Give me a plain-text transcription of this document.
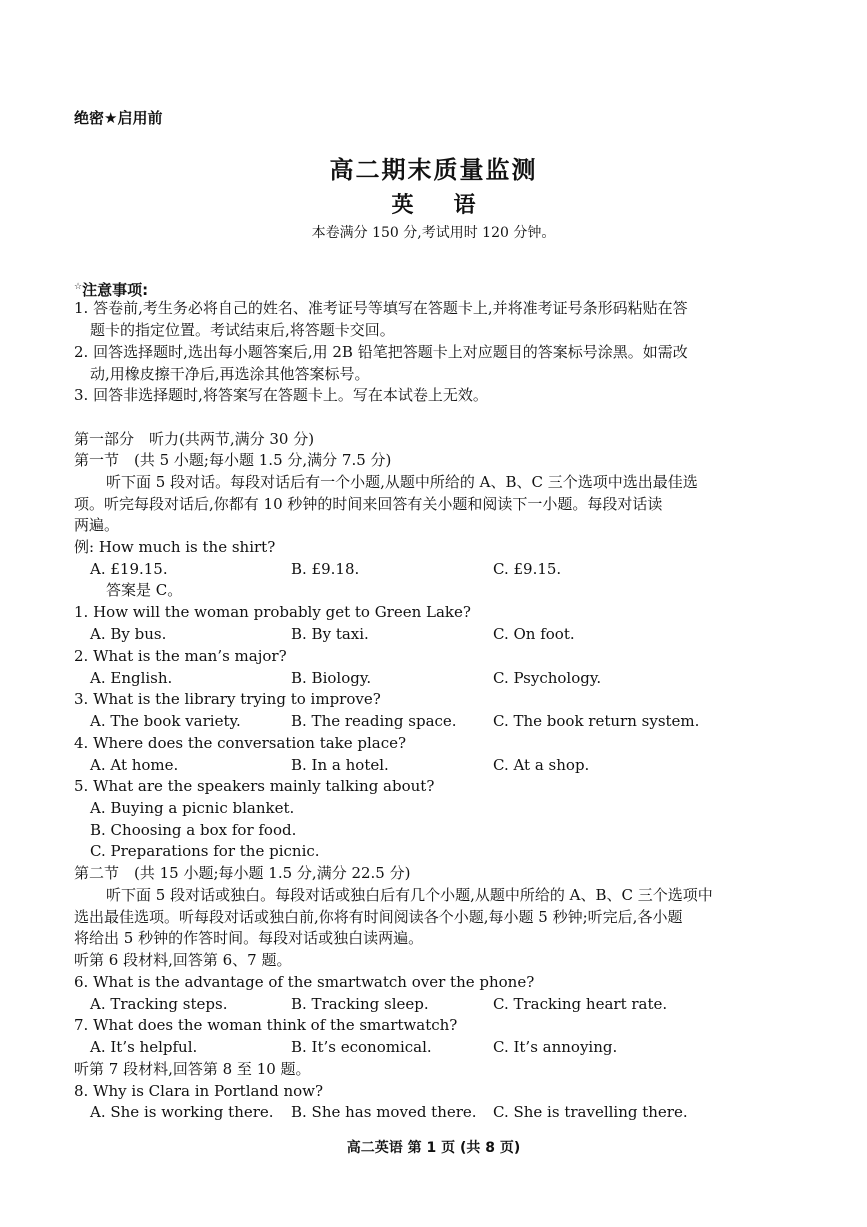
绝密★启用前
高二期末质量监测
英语
本卷满分 150 分,考试用时 120 分钟。
☆注意事项:
1. 答卷前,考生务必将自己的姓名、准考证号等填写在答题卡上,并将准考证号条形码粘贴在答
题卡的指定位置。考试结束后,将答题卡交回。
2. 回答选择题时,选出每小题答案后,用 2B 铅笔把答题卡上对应题目的答案标号涂黑。如需改
动,用橡皮擦干净后,再选涂其他答案标号。
3. 回答非选择题时,将答案写在答题卡上。写在本试卷上无效。
第一部分　听力(共两节,满分 30 分)
第一节　(共 5 小题;每小题 1.5 分,满分 7.5 分)
听下面 5 段对话。每段对话后有一个小题,从题中所给的 A、B、C 三个选项中选出最佳选
项。听完每段对话后,你都有 10 秒钟的时间来回答有关小题和阅读下一小题。每段对话读
两遍。
例: How much is the shirt?
A. £19.15.	B. £9.18.	C. £9.15.
答案是 C。
1. How will the woman probably get to Green Lake?
A. By bus.	B. By taxi.	C. On foot.
2. What is the man’s major?
A. English.	B. Biology.	C. Psychology.
3. What is the library trying to improve?
A. The book variety.	B. The reading space. C. The book return system.
4. Where does the conversation take place?
A. At home.	B. In a hotel.	C. At a shop.
5. What are the speakers mainly talking about?
A. Buying a picnic blanket.
B. Choosing a box for food.
C. Preparations for the picnic.
第二节　(共 15 小题;每小题 1.5 分,满分 22.5 分)
听下面 5 段对话或独白。每段对话或独白后有几个小题,从题中所给的 A、B、C 三个选项中
选出最佳选项。听每段对话或独白前,你将有时间阅读各个小题,每小题 5 秒钟;听完后,各小题
将给出 5 秒钟的作答时间。每段对话或独白读两遍。
听第 6 段材料,回答第 6、7 题。
6. What is the advantage of the smartwatch over the phone?
A. Tracking steps.	B. Tracking sleep.	C. Tracking heart rate.
7. What does the woman think of the smartwatch?
A. It’s helpful.	B. It’s economical.	C. It’s annoying.
听第 7 段材料,回答第 8 至 10 题。
8. Why is Clara in Portland now?
A. She is working there. B. She has moved there. C. She is travelling there.
高二英语 第 1 页 (共 8 页)
